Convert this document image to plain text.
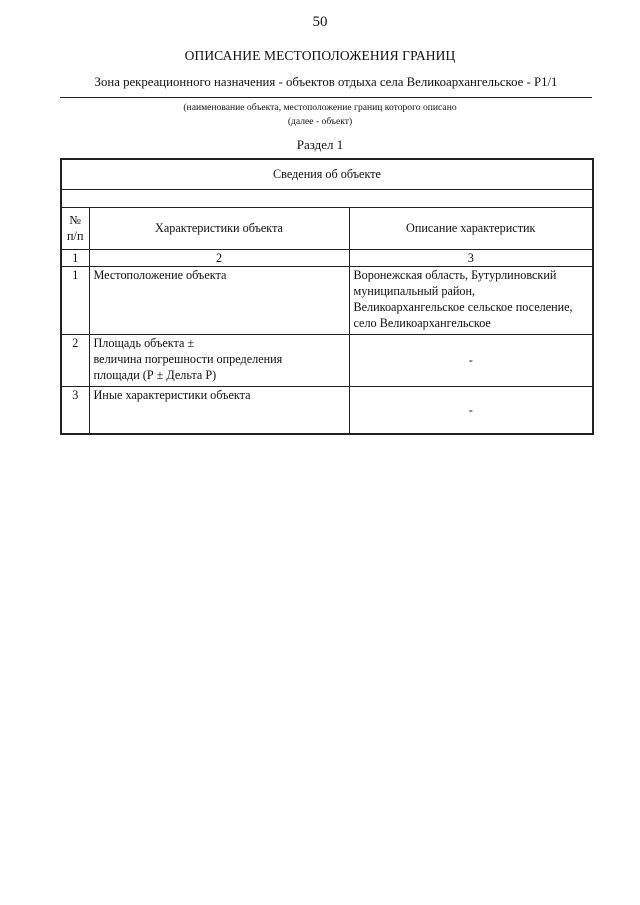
50
ОПИСАНИЕ МЕСТОПОЛОЖЕНИЯ ГРАНИЦ
Зона рекреационного назначения - объектов отдыха села Великоархангельское - Р1/1
(наименование объекта, местоположение границ которого описано
(далее - объект)
Раздел 1
Сведения об объекте		

№
п/п	Характеристики объекта	Описание характеристик
1	2	3
1	Местоположение объекта	Воронежская область, Бутурлиновский
муниципальный район,
Великоархангельское сельское поселение,
село Великоархангельское

2	Площадь объекта ±
величина погрешности определения
площади (Р ± Дельта Р)	-
3	Иные характеристики объекта	-
